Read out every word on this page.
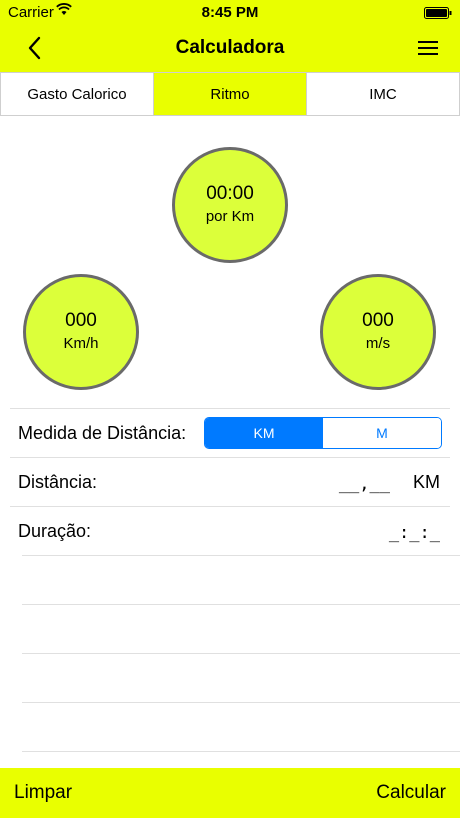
Carrier	8:45 PM
Calculadora
Gasto Calorico	Ritmo	IMC
00:00
por Km
000
Km/h
000
m/s
Medida de Distância:	KM	M
Distância:	__,__ KM
Duração:	_:_:_
Limpar	Calcular
